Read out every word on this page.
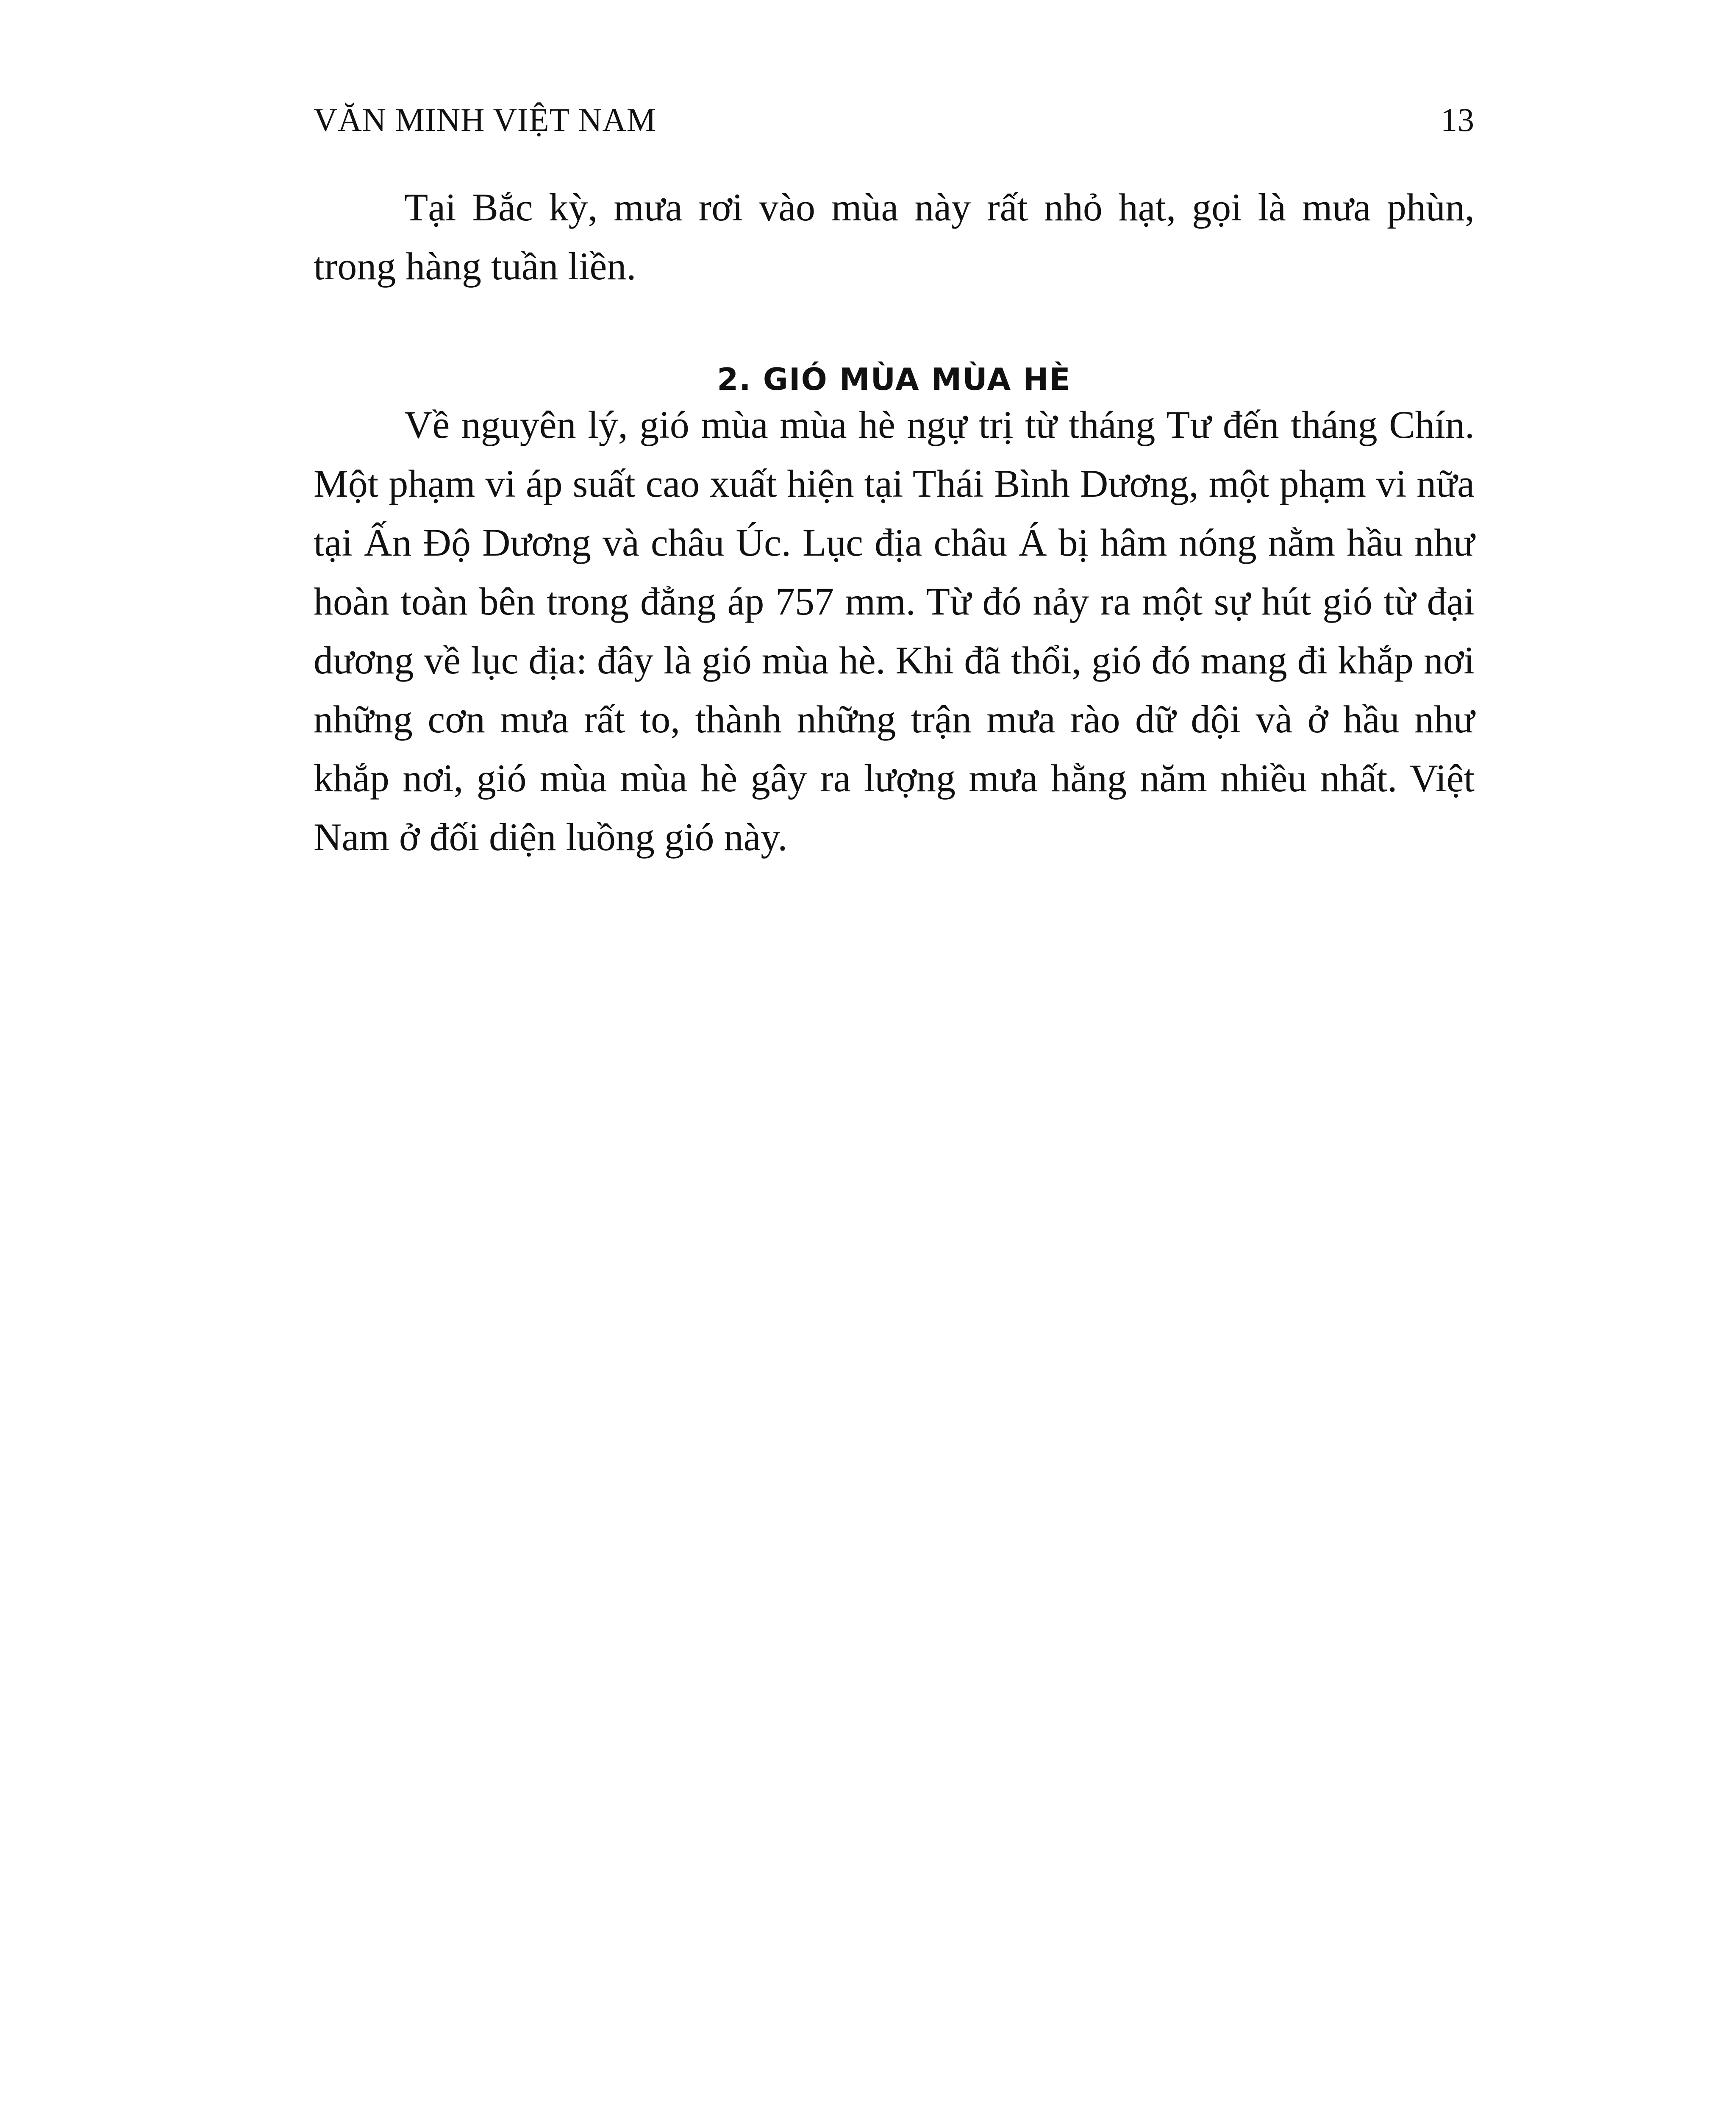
VĂN MINH VIỆT NAM	13

Tại Bắc kỳ, mưa rơi vào mùa này rất nhỏ hạt, gọi là mưa phùn, trong hàng tuần liền.

2. GIÓ MÙA MÙA HÈ

Về nguyên lý, gió mùa mùa hè ngự trị từ tháng Tư đến tháng Chín. Một phạm vi áp suất cao xuất hiện tại Thái Bình Dương, một phạm vi nữa tại Ấn Độ Dương và châu Úc. Lục địa châu Á bị hâm nóng nằm hầu như hoàn toàn bên trong đẳng áp 757 mm. Từ đó nảy ra một sự hút gió từ đại dương về lục địa: đây là gió mùa hè. Khi đã thổi, gió đó mang đi khắp nơi những cơn mưa rất to, thành những trận mưa rào dữ dội và ở hầu như khắp nơi, gió mùa mùa hè gây ra lượng mưa hằng năm nhiều nhất. Việt Nam ở đối diện luồng gió này.
